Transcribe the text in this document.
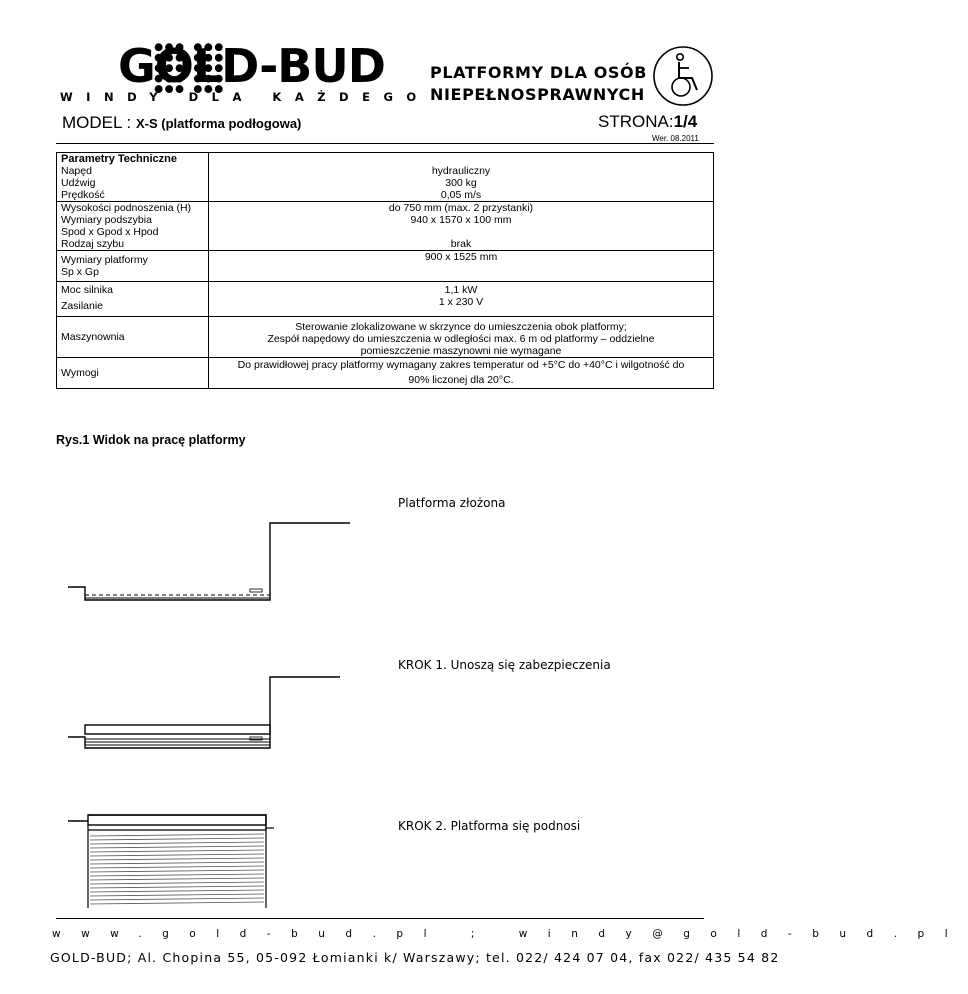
GOLD-BUD
WINDY DLA KAŻDEGO
PLATFORMY DLA OSÓB
NIEPEŁNOSPRAWNYCH
MODEL : X-S (platforma podłogowa)	STRONA:1/4
Wer. 08.2011
Parametry Techniczne	
Napęd	hydrauliczny
Udźwig	300 kg
Prędkość	0,05 m/s
Wysokości podnoszenia (H)	do 750 mm (max. 2 przystanki)
Wymiary podszybia
Spod x Gpod x Hpod	940 x 1570 x 100 mm
Rodzaj szybu	brak
Wymiary platformy
Sp x Gp	900 x 1525 mm
Moc silnika	1,1 kW
Zasilanie	1 x 230 V
Maszynownia	Sterowanie zlokalizowane w skrzynce do umieszczenia obok platformy;
Zespół napędowy do umieszczenia w odległości max. 6 m od platformy – oddzielne
pomieszczenie maszynowni nie wymagane
Wymogi	Do prawidłowej pracy platformy wymagany zakres temperatur od +5°C do +40°C i wilgotność do
90% liczonej dla 20°C.
Rys.1 Widok na pracę platformy
Platforma złożona
KROK 1. Unoszą się zabezpieczenia
KROK 2. Platforma się podnosi
www.gold-bud.pl ; windy@gold-bud.pl
GOLD-BUD; Al. Chopina 55, 05-092 Łomianki k/ Warszawy; tel. 022/ 424 07 04, fax 022/ 435 54 82
